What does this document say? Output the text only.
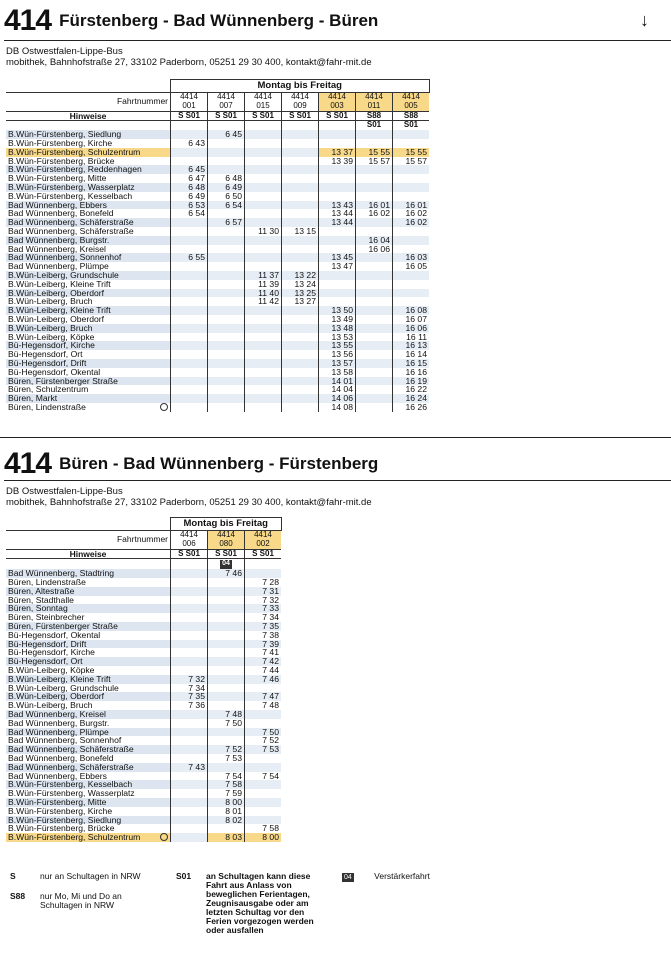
414 Fürstenberg - Bad Wünnenberg - Büren	↓
DB Ostwestfalen-Lippe-Bus
mobithek, Bahnhofstraße 27, 33102 Paderborn, 05251 29 30 400, kontakt@fahr-mit.de
	Montag bis Freitag						
Fahrtnummer	4414 001	4414 007	4414 015	4414 009	4414 003	4414 011	4414 005
Hinweise	S S01	S S01	S S01	S S01	S S01	S88	S88
						S01	S01
B.Wün-Fürstenberg, Siedlung		6 45					
B.Wün-Fürstenberg, Kirche	6 43						
B.Wün-Fürstenberg, Schulzentrum					13 37	15 55	15 55
B.Wün-Fürstenberg, Brücke					13 39	15 57	15 57
B.Wün-Fürstenberg, Reddenhagen	6 45						
B.Wün-Fürstenberg, Mitte	6 47	6 48					
B.Wün-Fürstenberg, Wasserplatz	6 48	6 49					
B.Wün-Fürstenberg, Kesselbach	6 49	6 50					
Bad Wünnenberg, Ebbers	6 53	6 54			13 43	16 01	16 01
Bad Wünnenberg, Bonefeld	6 54				13 44	16 02	16 02
Bad Wünnenberg, Schäferstraße		6 57			13 44		16 02
Bad Wünnenberg, Schäferstraße			11 30	13 15			
Bad Wünnenberg, Burgstr.						16 04	
Bad Wünnenberg, Kreisel						16 06	
Bad Wünnenberg, Sonnenhof	6 55				13 45		16 03
Bad Wünnenberg, Plümpe					13 47		16 05
B.Wün-Leiberg, Grundschule			11 37	13 22			
B.Wün-Leiberg, Kleine Trift			11 39	13 24			
B.Wün-Leiberg, Oberdorf			11 40	13 25			
B.Wün-Leiberg, Bruch			11 42	13 27			
B.Wün-Leiberg, Kleine Trift					13 50		16 08
B.Wün-Leiberg, Oberdorf					13 49		16 07
B.Wün-Leiberg, Bruch					13 48		16 06
B.Wün-Leiberg, Köpke					13 53		16 11
Bü-Hegensdorf, Kirche					13 55		16 13
Bü-Hegensdorf, Ort					13 56		16 14
Bü-Hegensdorf, Drift					13 57		16 15
Bü-Hegensdorf, Okental					13 58		16 16
Büren, Fürstenberger Straße					14 01		16 19
Büren, Schulzentrum					14 04		16 22
Büren, Markt					14 06		16 24
Büren, Lindenstraße					14 08		16 26
414 Büren - Bad Wünnenberg - Fürstenberg
DB Ostwestfalen-Lippe-Bus
mobithek, Bahnhofstraße 27, 33102 Paderborn, 05251 29 30 400, kontakt@fahr-mit.de
	Montag bis Freitag		
Fahrtnummer	4414 006	4414 080	4414 002
Hinweise	S S01	S S01	S S01
		04	
Bad Wünnenberg, Stadtring		7 46	
Büren, Lindenstraße			7 28
Büren, Altestraße			7 31
Büren, Stadthalle			7 32
Büren, Sonntag			7 33
Büren, Steinbrecher			7 34
Büren, Fürstenberger Straße			7 35
Bü-Hegensdorf, Okental			7 38
Bü-Hegensdorf, Drift			7 39
Bü-Hegensdorf, Kirche			7 41
Bü-Hegensdorf, Ort			7 42
B.Wün-Leiberg, Köpke			7 44
B.Wün-Leiberg, Kleine Trift	7 32		7 46
B.Wün-Leiberg, Grundschule	7 34		
B.Wün-Leiberg, Oberdorf	7 35		7 47
B.Wün-Leiberg, Bruch	7 36		7 48
Bad Wünnenberg, Kreisel		7 48	
Bad Wünnenberg, Burgstr.		7 50	
Bad Wünnenberg, Plümpe			7 50
Bad Wünnenberg, Sonnenhof			7 52
Bad Wünnenberg, Schäferstraße		7 52	7 53
Bad Wünnenberg, Bonefeld		7 53	
Bad Wünnenberg, Schäferstraße	7 43		
Bad Wünnenberg, Ebbers		7 54	7 54
B.Wün-Fürstenberg, Kesselbach		7 58	
B.Wün-Fürstenberg, Wasserplatz		7 59	
B.Wün-Fürstenberg, Mitte		8 00	
B.Wün-Fürstenberg, Kirche		8 01	
B.Wün-Fürstenberg, Siedlung		8 02	
B.Wün-Fürstenberg, Brücke			7 58
B.Wün-Fürstenberg, Schulzentrum		8 03	8 00
S	nur an Schultagen in NRW
S88 nur Mo, Mi und Do an Schultagen in NRW
S01 an Schultagen kann diese Fahrt aus Anlass von beweglichen Ferientagen, Zeugnisausgabe oder am letzten Schultag vor den Ferien vorgezogen werden oder ausfallen
04	Verstärkerfahrt
